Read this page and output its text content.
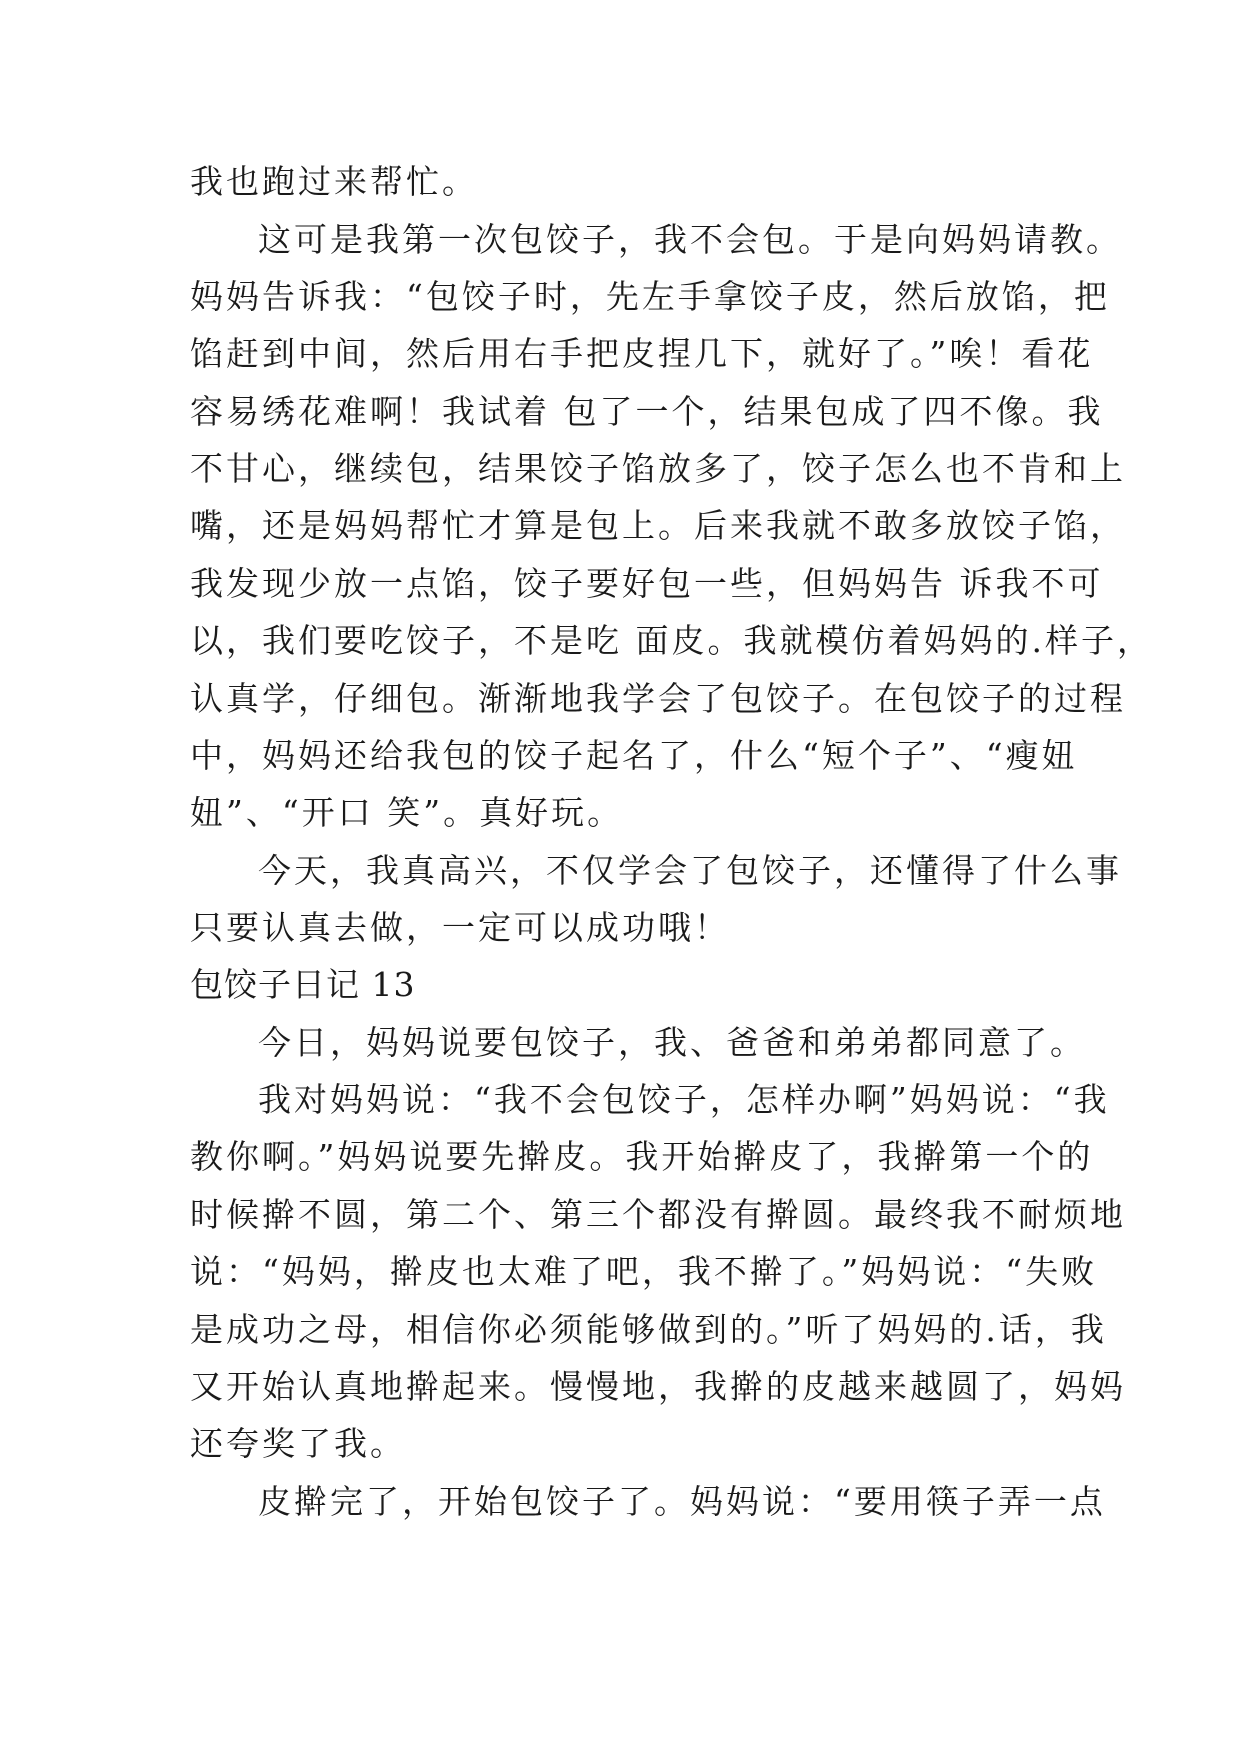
我也跑过来帮忙。
这可是我第一次包饺子，我不会包。于是向妈妈请教。
妈妈告诉我：“包饺子时，先左手拿饺子皮，然后放馅，把
馅赶到中间，然后用右手把皮捏几下，就好了。”唉！看花
容易绣花难啊！我试着 包了一个，结果包成了四不像。我
不甘心，继续包，结果饺子馅放多了，饺子怎么也不肯和上
嘴，还是妈妈帮忙才算是包上。后来我就不敢多放饺子馅，
我发现少放一点馅，饺子要好包一些，但妈妈告 诉我不可
以，我们要吃饺子，不是吃 面皮。我就模仿着妈妈的.样子，
认真学，仔细包。渐渐地我学会了包饺子。在包饺子的过程
中，妈妈还给我包的饺子起名了，什么“短个子”、“瘦妞
妞”、“开口 笑”。真好玩。
今天，我真高兴，不仅学会了包饺子，还懂得了什么事
只要认真去做，一定可以成功哦！
包饺子日记 13
今日，妈妈说要包饺子，我、爸爸和弟弟都同意了。
我对妈妈说：“我不会包饺子，怎样办啊”妈妈说：“我
教你啊。”妈妈说要先擀皮。我开始擀皮了，我擀第一个的
时候擀不圆，第二个、第三个都没有擀圆。最终我不耐烦地
说：“妈妈，擀皮也太难了吧，我不擀了。”妈妈说：“失败
是成功之母，相信你必须能够做到的。”听了妈妈的.话，我
又开始认真地擀起来。慢慢地，我擀的皮越来越圆了，妈妈
还夸奖了我。
皮擀完了，开始包饺子了。妈妈说：“要用筷子弄一点
